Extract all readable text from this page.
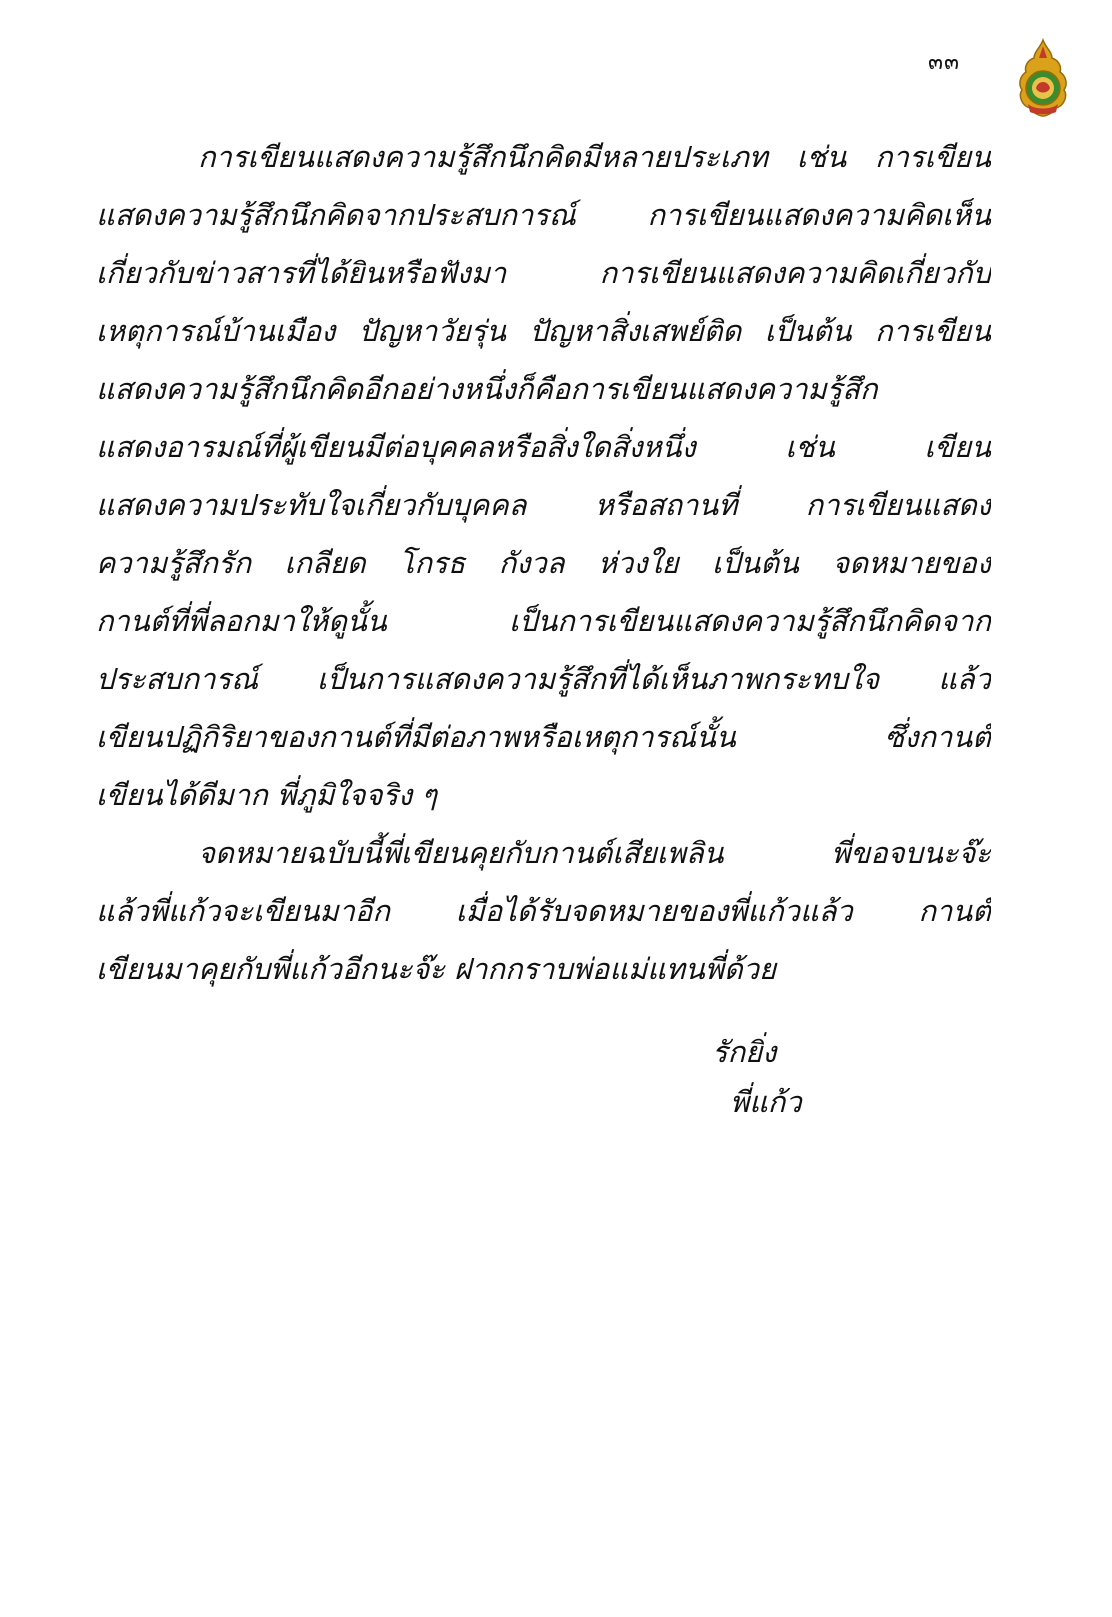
๓๓
การเขียนแสดงความรู้สึกนึกคิดมีหลายประเภท เช่น การเขียน
แสดงความรู้สึกนึกคิดจากประสบการณ์ การเขียนแสดงความคิดเห็น
เกี่ยวกับข่าวสารที่ได้ยินหรือฟังมา การเขียนแสดงความคิดเกี่ยวกับ
เหตุการณ์บ้านเมือง ปัญหาวัยรุ่น ปัญหาสิ่งเสพย์ติด เป็นต้น การเขียน
แสดงความรู้สึกนึกคิดอีกอย่างหนึ่งก็คือการเขียนแสดงความรู้สึก
แสดงอารมณ์ที่ผู้เขียนมีต่อบุคคลหรือสิ่งใดสิ่งหนึ่ง เช่น เขียน
แสดงความประทับใจเกี่ยวกับบุคคล หรือสถานที่ การเขียนแสดง
ความรู้สึกรัก เกลียด โกรธ กังวล ห่วงใย เป็นต้น จดหมายของ
กานต์ที่พี่ลอกมาให้ดูนั้น เป็นการเขียนแสดงความรู้สึกนึกคิดจาก
ประสบการณ์ เป็นการแสดงความรู้สึกที่ได้เห็นภาพกระทบใจ แล้ว
เขียนปฏิกิริยาของกานต์ที่มีต่อภาพหรือเหตุการณ์นั้น ซึ่งกานต์
เขียนได้ดีมาก พี่ภูมิใจจริง ๆ
จดหมายฉบับนี้พี่เขียนคุยกับกานต์เสียเพลิน พี่ขอจบนะจ๊ะ
แล้วพี่แก้วจะเขียนมาอีก เมื่อได้รับจดหมายของพี่แก้วแล้ว กานต์
เขียนมาคุยกับพี่แก้วอีกนะจ๊ะ ฝากกราบพ่อแม่แทนพี่ด้วย
รักยิ่ง
พี่แก้ว
